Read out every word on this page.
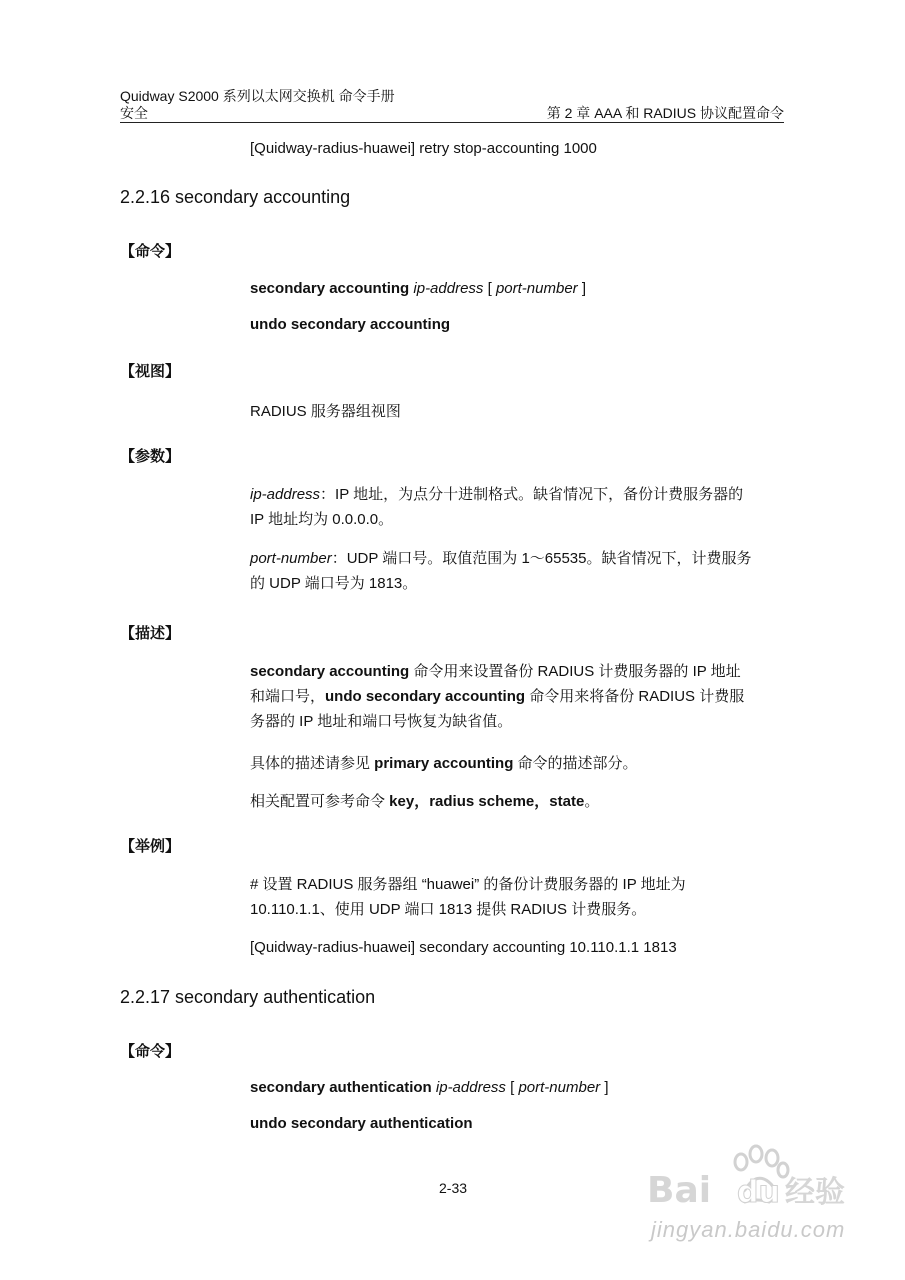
Quidway S2000 系列以太网交换机 命令手册
安全	第 2 章 AAA 和 RADIUS 协议配置命令
[Quidway-radius-huawei] retry stop-accounting 1000
2.2.16 secondary accounting
【命令】
secondary accounting ip-address [ port-number ]
undo secondary accounting
【视图】
RADIUS 服务器组视图
【参数】
ip-address：IP 地址，为点分十进制格式。缺省情况下，备份计费服务器的
IP 地址均为 0.0.0.0。
port-number：UDP 端口号。取值范围为 1～65535。缺省情况下，计费服务
的 UDP 端口号为 1813。
【描述】
secondary accounting 命令用来设置备份 RADIUS 计费服务器的 IP 地址
和端口号，undo secondary accounting 命令用来将备份 RADIUS 计费服
务器的 IP 地址和端口号恢复为缺省值。
具体的描述请参见 primary accounting 命令的描述部分。
相关配置可参考命令 key，radius scheme，state。
【举例】
# 设置 RADIUS 服务器组 “huawei” 的备份计费服务器的 IP 地址为
10.110.1.1、使用 UDP 端口 1813 提供 RADIUS 计费服务。
[Quidway-radius-huawei] secondary accounting 10.110.1.1 1813
2.2.17 secondary authentication
【命令】
secondary authentication ip-address [ port-number ]
undo secondary authentication
2-33	Bai du 经验
jingyan.baidu.com
